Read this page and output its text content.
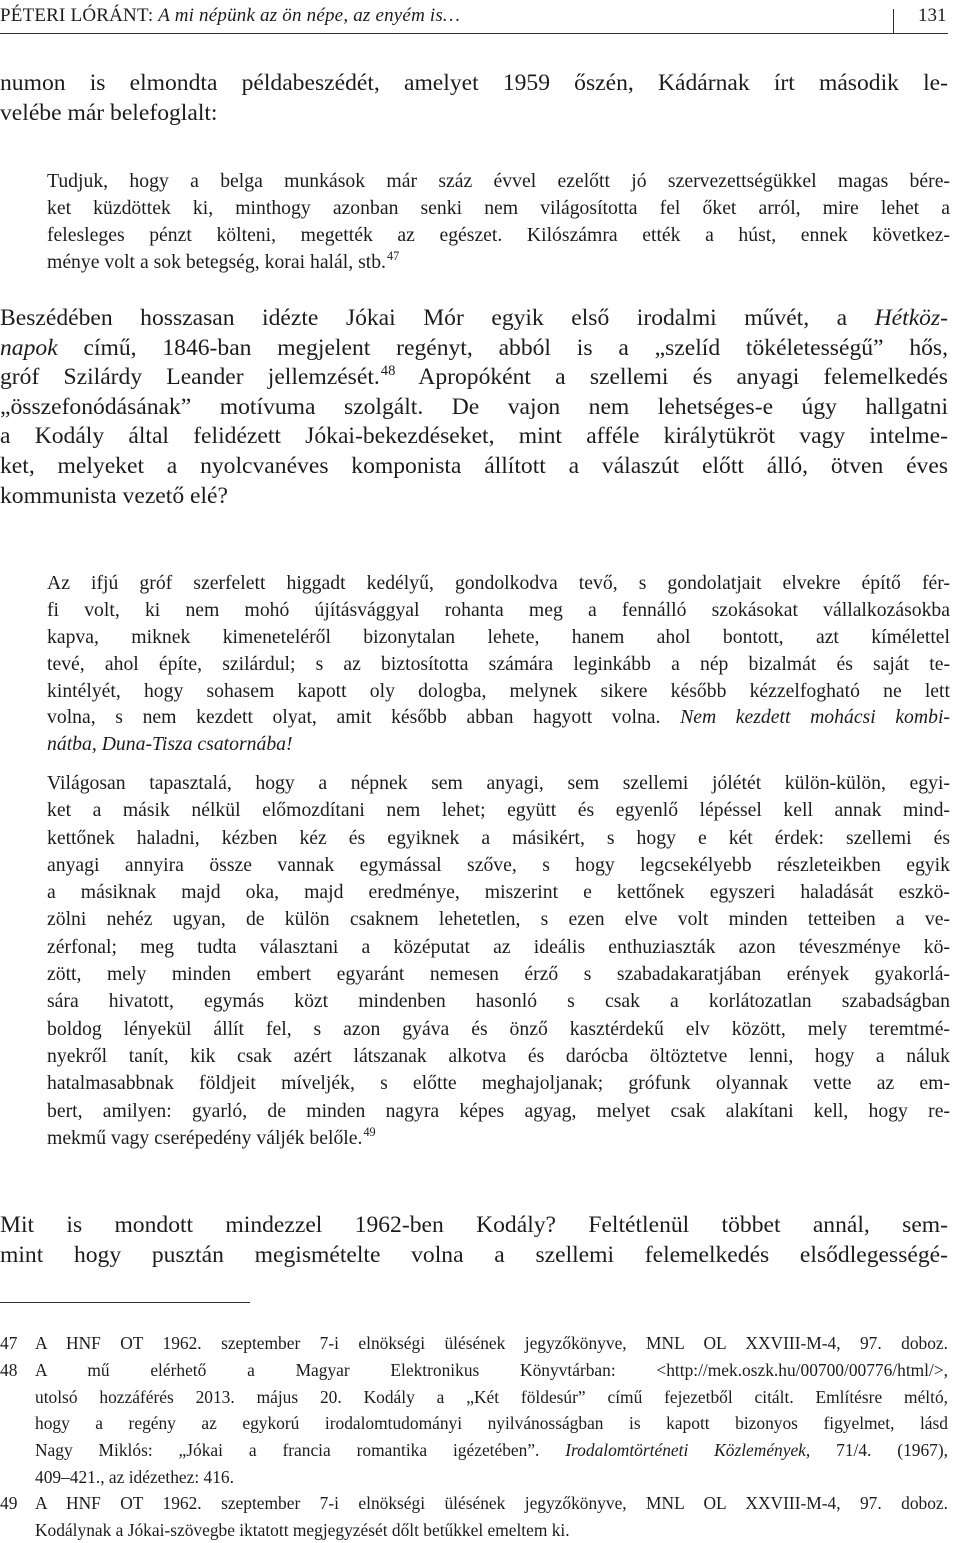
PÉTERI LÓRÁNT: A mi népünk az ön népe, az enyém is…	131
numon is elmondta példabeszédét, amelyet 1959 őszén, Kádárnak írt második le-
velébe már belefoglalt:
Tudjuk, hogy a belga munkások már száz évvel ezelőtt jó szervezettségükkel magas bére-
ket küzdöttek ki, minthogy azonban senki nem világosította fel őket arról, mire lehet a
felesleges pénzt költeni, megették az egészet. Kilószámra ették a húst, ennek következ-
ménye volt a sok betegség, korai halál, stb.$^{47}$
Beszédében hosszasan idézte Jókai Mór egyik első irodalmi művét, a Hétköz-
napok című, 1846-ban megjelent regényt, abból is a „szelíd tökéletességű” hős,
gróf Szilárdy Leander jellemzését.$^{48}$ Apropóként a szellemi és anyagi felemelkedés
„összefonódásának” motívuma szolgált. De vajon nem lehetséges-e úgy hallgatni
a Kodály által felidézett Jókai-bekezdéseket, mint afféle királytükröt vagy intelme-
ket, melyeket a nyolcvanéves komponista állított a válaszút előtt álló, ötven éves
kommunista vezető elé?
Az ifjú gróf szerfelett higgadt kedélyű, gondolkodva tevő, s gondolatjait elvekre építő fér-
fi volt, ki nem mohó újításvággyal rohanta meg a fennálló szokásokat vállalkozásokba
kapva, miknek kimeneteléről bizonytalan lehete, hanem ahol bontott, azt kímélettel
tevé, ahol építe, szilárdul; s az biztosította számára leginkább a nép bizalmát és saját te-
kintélyét, hogy sohasem kapott oly dologba, melynek sikere később kézzelfogható ne lett
volna, s nem kezdett olyat, amit később abban hagyott volna. Nem kezdett mohácsi kombi-
nátba, Duna-Tisza csatornába!
Világosan tapasztalá, hogy a népnek sem anyagi, sem szellemi jólétét külön-külön, egyi-
ket a másik nélkül előmozdítani nem lehet; együtt és egyenlő lépéssel kell annak mind-
kettőnek haladni, kézben kéz és egyiknek a másikért, s hogy e két érdek: szellemi és
anyagi annyira össze vannak egymással szőve, s hogy legcsekélyebb részleteikben egyik
a másiknak majd oka, majd eredménye, miszerint e kettőnek egyszeri haladását eszkö-
zölni nehéz ugyan, de külön csaknem lehetetlen, s ezen elve volt minden tetteiben a ve-
zérfonal; meg tudta választani a középutat az ideális enthuziaszták azon téveszménye kö-
zött, mely minden embert egyaránt nemesen érző s szabadakaratjában erények gyakorlá-
sára hivatott, egymás közt mindenben hasonló s csak a korlátozatlan szabadságban
boldog lényekül állít fel, s azon gyáva és önző kasztérdekű elv között, mely teremtmé-
nyekről tanít, kik csak azért látszanak alkotva és darócba öltöztetve lenni, hogy a náluk
hatalmasabbnak földjeit míveljék, s előtte meghajoljanak; grófunk olyannak vette az em-
bert, amilyen: gyarló, de minden nagyra képes agyag, melyet csak alakítani kell, hogy re-
mekmű vagy cserépedény váljék belőle.$^{49}$
Mit is mondott mindezzel 1962-ben Kodály? Feltétlenül többet annál, sem-
mint hogy pusztán megismételte volna a szellemi felemelkedés elsődlegességé-
47 A HNF OT 1962. szeptember 7-i elnökségi ülésének jegyzőkönyve, MNL OL XXVIII-M-4, 97. doboz.
48 A mű elérhető a Magyar Elektronikus Könyvtárban: <http://mek.oszk.hu/00700/00776/html/>,
utolsó hozzáférés 2013. május 20. Kodály a „Két földesúr” című fejezetből citált. Említésre méltó,
hogy a regény az egykorú irodalomtudományi nyilvánosságban is kapott bizonyos figyelmet, lásd
Nagy Miklós: „Jókai a francia romantika igézetében”. Irodalomtörténeti Közlemények, 71/4. (1967),
409–421., az idézethez: 416.
49 A HNF OT 1962. szeptember 7-i elnökségi ülésének jegyzőkönyve, MNL OL XXVIII-M-4, 97. doboz.
Kodálynak a Jókai-szövegbe iktatott megjegyzését dőlt betűkkel emeltem ki.
